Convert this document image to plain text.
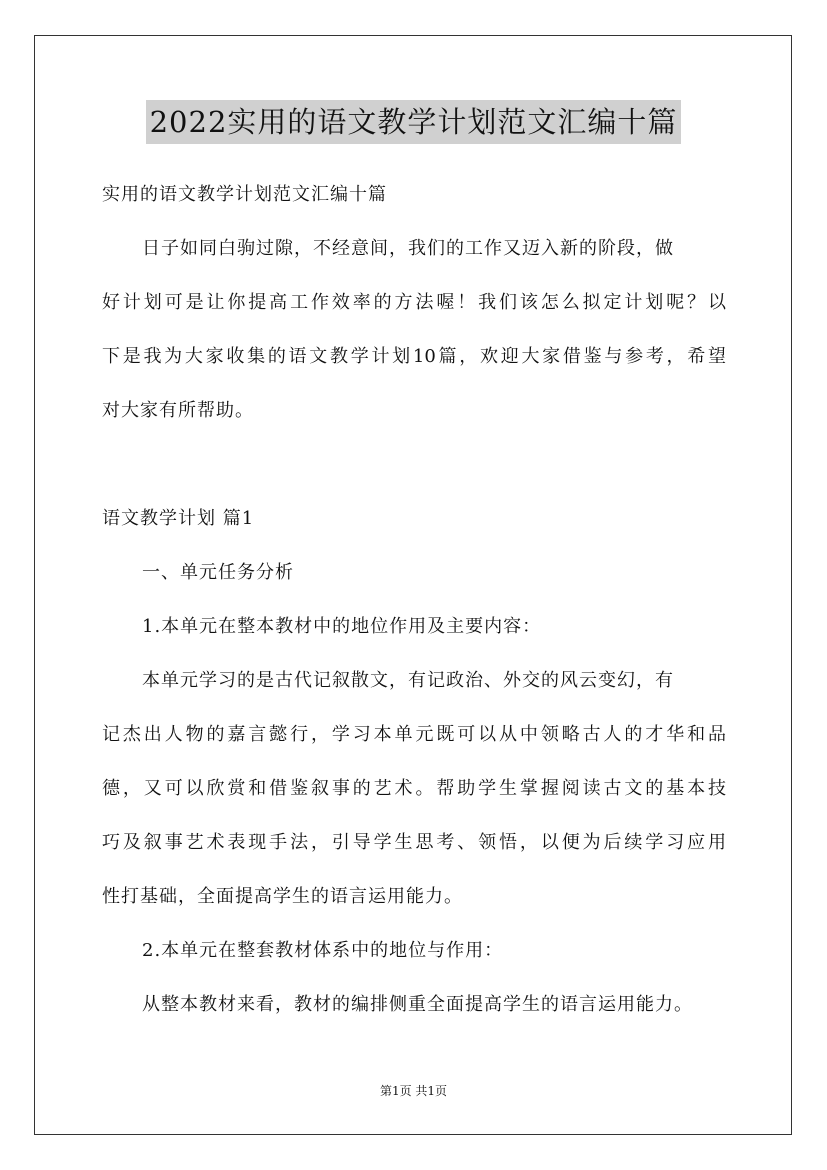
2022实用的语文教学计划范文汇编十篇
实用的语文教学计划范文汇编十篇
日子如同白驹过隙，不经意间，我们的工作又迈入新的阶段，做
好计划可是让你提高工作效率的方法喔！我们该怎么拟定计划呢？以
下是我为大家收集的语文教学计划10篇，欢迎大家借鉴与参考，希望
对大家有所帮助。
语文教学计划 篇1
一、单元任务分析
1.本单元在整本教材中的地位作用及主要内容：
本单元学习的是古代记叙散文，有记政治、外交的风云变幻，有
记杰出人物的嘉言懿行，学习本单元既可以从中领略古人的才华和品
德，又可以欣赏和借鉴叙事的艺术。帮助学生掌握阅读古文的基本技
巧及叙事艺术表现手法，引导学生思考、领悟，以便为后续学习应用
性打基础，全面提高学生的语言运用能力。
2.本单元在整套教材体系中的地位与作用：
从整本教材来看，教材的编排侧重全面提高学生的语言运用能力。
第1页 共1页
